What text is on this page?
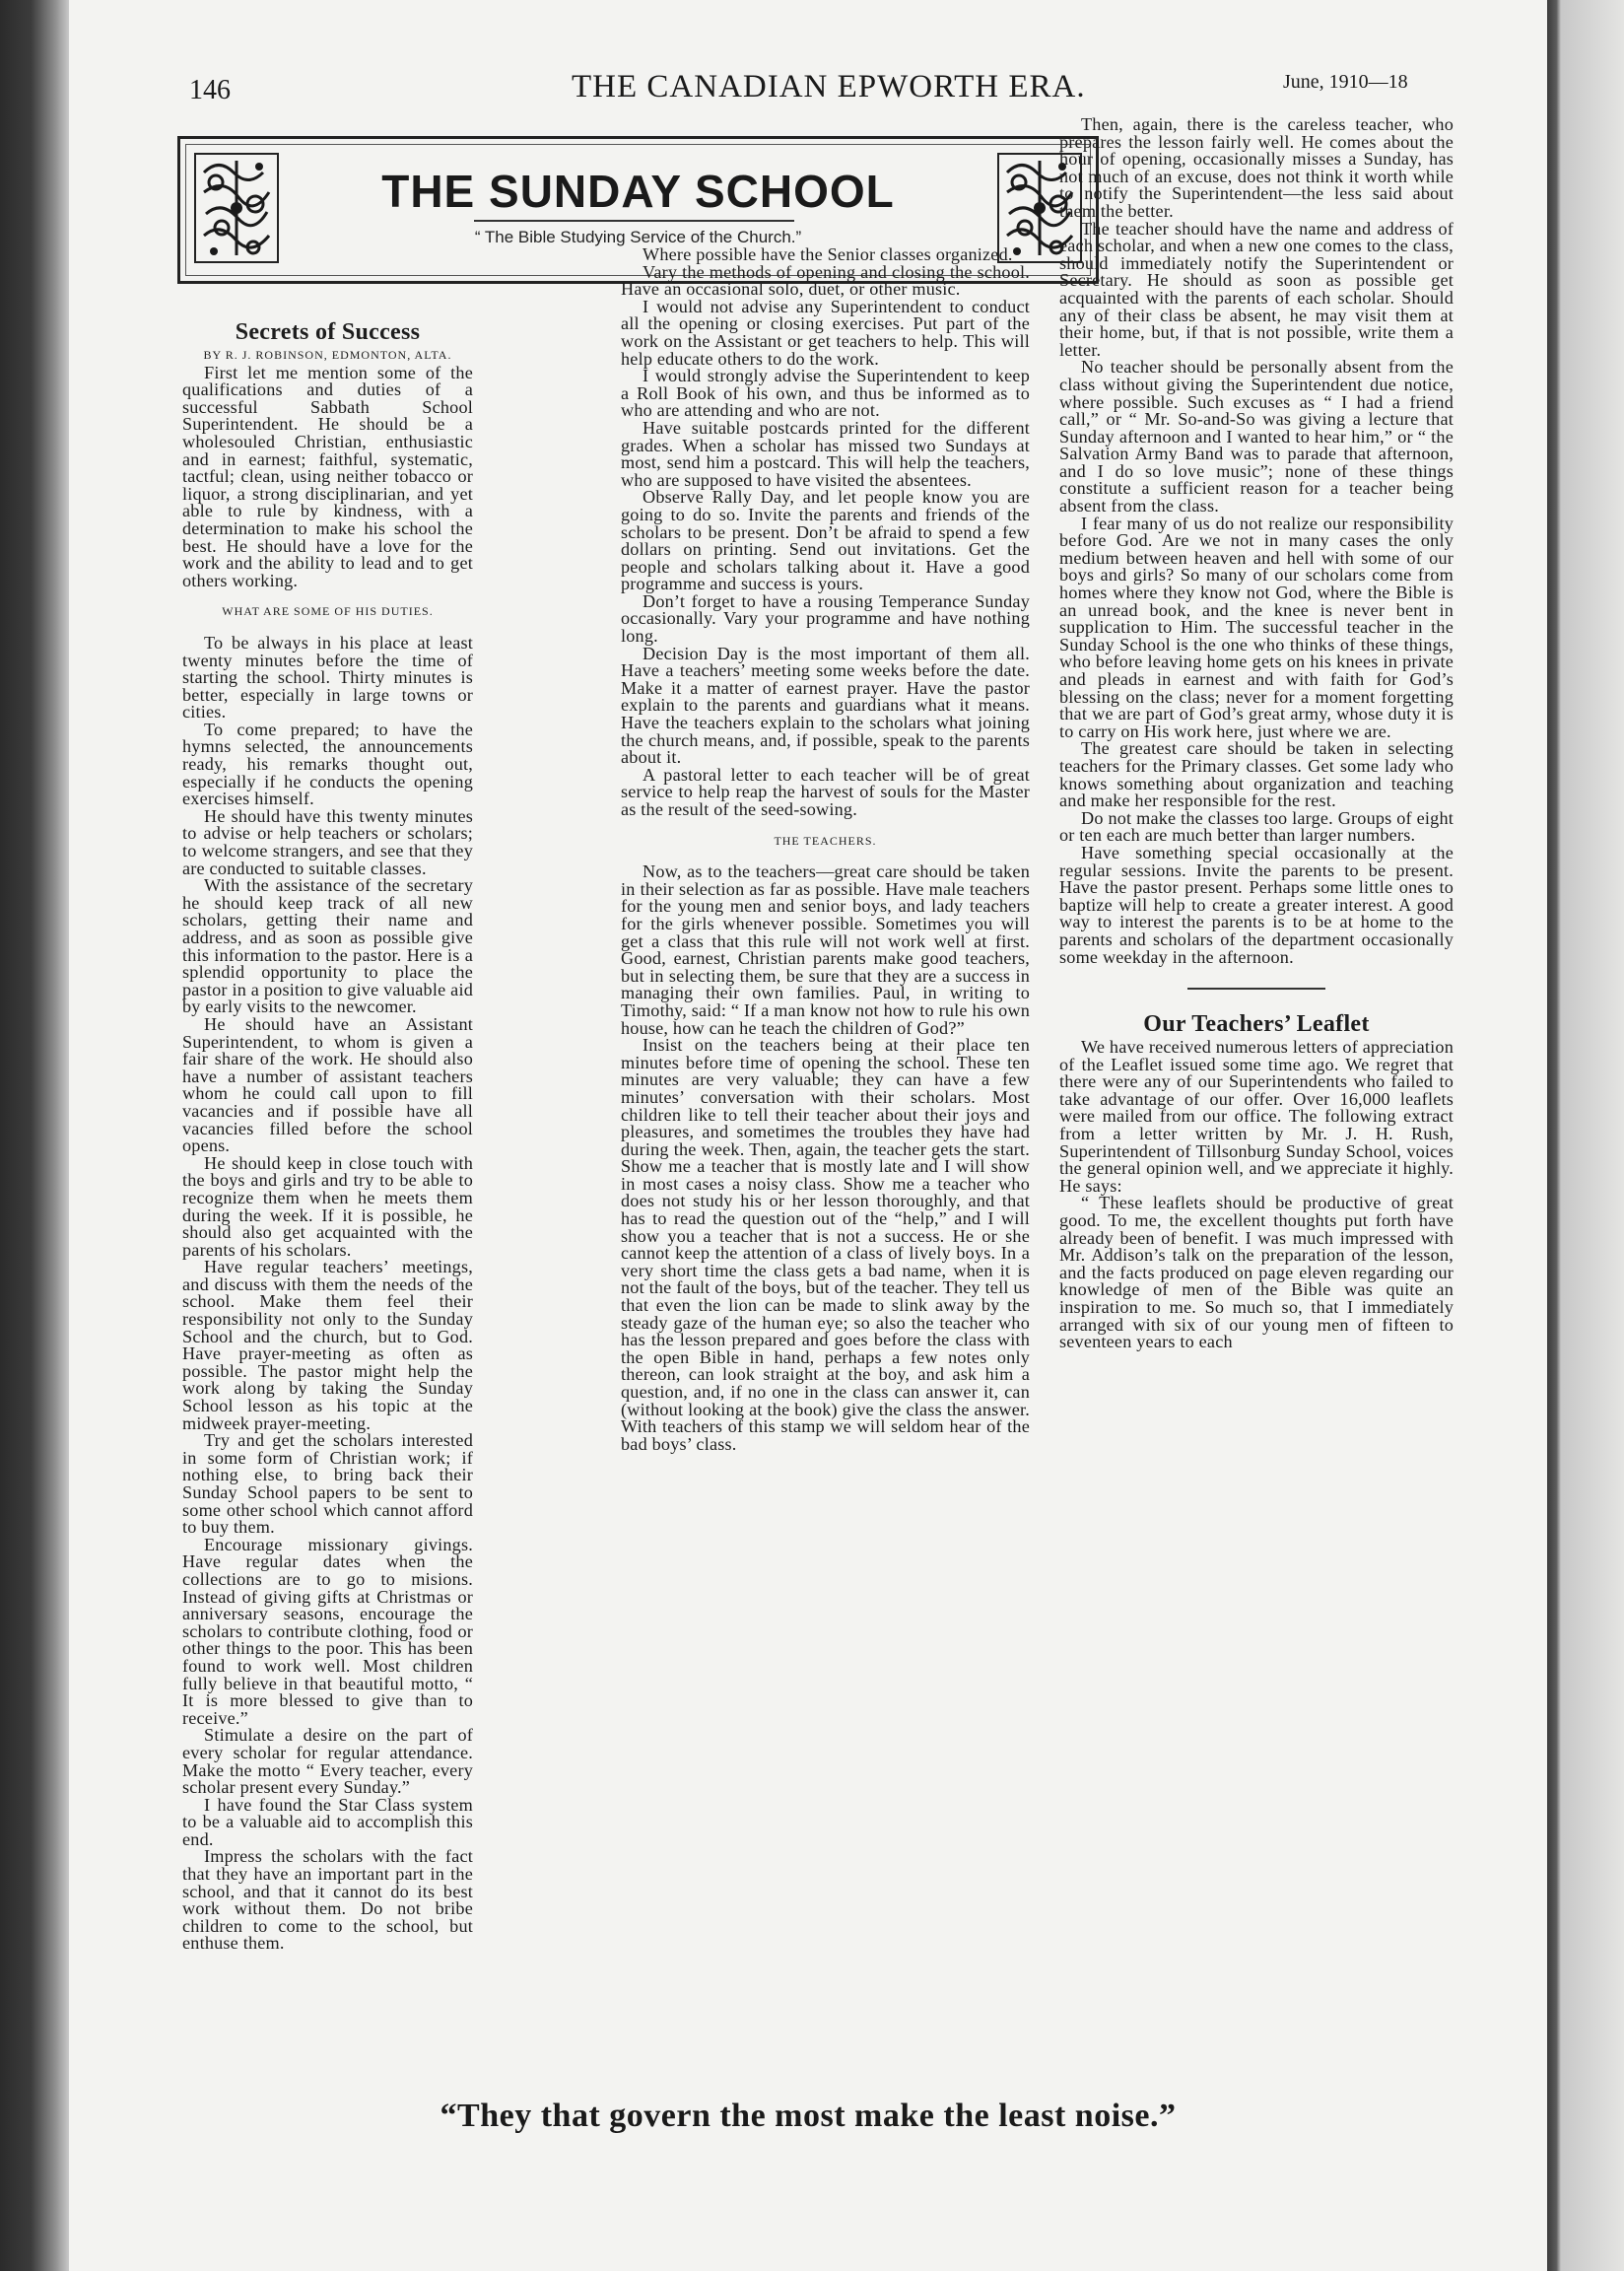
146	THE CANADIAN EPWORTH ERA.	June, 1910—18
THE SUNDAY SCHOOL
“ The Bible Studying Service of the Church.”

Secrets of Success

BY R. J. ROBINSON, EDMONTON, ALTA.

First let me mention some of the qualifications and duties of a successful Sabbath School Superintendent. He should be a wholesouled Christian, enthusiastic and in earnest; faithful, systematic, tactful; clean, using neither tobacco or liquor, a strong disciplinarian, and yet able to rule by kindness, with a determination to make his school the best. He should have a love for the work and the ability to lead and to get others working.

WHAT ARE SOME OF HIS DUTIES.

To be always in his place at least twenty minutes before the time of starting the school. Thirty minutes is better, especially in large towns or cities.

To come prepared; to have the hymns selected, the announcements ready, his remarks thought out, especially if he conducts the opening exercises himself.

He should have this twenty minutes to advise or help teachers or scholars; to welcome strangers, and see that they are conducted to suitable classes.

With the assistance of the secretary he should keep track of all new scholars, getting their name and address, and as soon as possible give this information to the pastor. Here is a splendid opportunity to place the pastor in a position to give valuable aid by early visits to the newcomer.

He should have an Assistant Superintendent, to whom is given a fair share of the work. He should also have a number of assistant teachers whom he could call upon to fill vacancies and if possible have all vacancies filled before the school opens.

He should keep in close touch with the boys and girls and try to be able to recognize them when he meets them during the week. If it is possible, he should also get acquainted with the parents of his scholars.

Have regular teachers’ meetings, and discuss with them the needs of the school. Make them feel their responsibility not only to the Sunday School and the church, but to God. Have prayer-meeting as often as possible. The pastor might help the work along by taking the Sunday School lesson as his topic at the midweek prayer-meeting.

Try and get the scholars interested in some form of Christian work; if nothing else, to bring back their Sunday School papers to be sent to some other school which cannot afford to buy them.

Encourage missionary givings. Have regular dates when the collections are to go to misions. Instead of giving gifts at Christmas or anniversary seasons, encourage the scholars to contribute clothing, food or other things to the poor. This has been found to work well. Most children fully believe in that beautiful motto, “ It is more blessed to give than to receive.”

Stimulate a desire on the part of every scholar for regular attendance. Make the motto “ Every teacher, every scholar present every Sunday.”

I have found the Star Class system to be a valuable aid to accomplish this end.

Impress the scholars with the fact that they have an important part in the school, and that it cannot do its best work without them. Do not bribe children to come to the school, but enthuse them.

Where possible have the Senior classes organized.

Vary the methods of opening and closing the school. Have an occasional solo, duet, or other music.

I would not advise any Superintendent to conduct all the opening or closing exercises. Put part of the work on the Assistant or get teachers to help. This will help educate others to do the work.

I would strongly advise the Superintendent to keep a Roll Book of his own, and thus be informed as to who are attending and who are not.

Have suitable postcards printed for the different grades. When a scholar has missed two Sundays at most, send him a postcard. This will help the teachers, who are supposed to have visited the absentees.

Observe Rally Day, and let people know you are going to do so. Invite the parents and friends of the scholars to be present. Don’t be afraid to spend a few dollars on printing. Send out invitations. Get the people and scholars talking about it. Have a good programme and success is yours.

Don’t forget to have a rousing Temperance Sunday occasionally. Vary your programme and have nothing long.

Decision Day is the most important of them all. Have a teachers’ meeting some weeks before the date. Make it a matter of earnest prayer. Have the pastor explain to the parents and guardians what it means. Have the teachers explain to the scholars what joining the church means, and, if possible, speak to the parents about it.

A pastoral letter to each teacher will be of great service to help reap the harvest of souls for the Master as the result of the seed-sowing.

THE TEACHERS.

Now, as to the teachers—great care should be taken in their selection as far as possible. Have male teachers for the young men and senior boys, and lady teachers for the girls whenever possible. Sometimes you will get a class that this rule will not work well at first. Good, earnest, Christian parents make good teachers, but in selecting them, be sure that they are a success in managing their own families. Paul, in writing to Timothy, said: “ If a man know not how to rule his own house, how can he teach the children of God?”

Insist on the teachers being at their place ten minutes before time of opening the school. These ten minutes are very valuable; they can have a few minutes’ conversation with their scholars. Most children like to tell their teacher about their joys and pleasures, and sometimes the troubles they have had during the week. Then, again, the teacher gets the start. Show me a teacher that is mostly late and I will show in most cases a noisy class. Show me a teacher who does not study his or her lesson thoroughly, and that has to read the question out of the “help,” and I will show you a teacher that is not a success. He or she cannot keep the attention of a class of lively boys. In a very short time the class gets a bad name, when it is not the fault of the boys, but of the teacher. They tell us that even the lion can be made to slink away by the steady gaze of the human eye; so also the teacher who has the lesson prepared and goes before the class with the open Bible in hand, perhaps a few notes only thereon, can look straight at the boy, and ask him a question, and, if no one in the class can answer it, can (without looking at the book) give the class the answer. With teachers of this stamp we will seldom hear of the bad boys’ class.

Then, again, there is the careless teacher, who prepares the lesson fairly well. He comes about the hour of opening, occasionally misses a Sunday, has not much of an excuse, does not think it worth while to notify the Superintendent—the less said about them the better.

The teacher should have the name and address of each scholar, and when a new one comes to the class, should immediately notify the Superintendent or Secretary. He should as soon as possible get acquainted with the parents of each scholar. Should any of their class be absent, he may visit them at their home, but, if that is not possible, write them a letter.

No teacher should be personally absent from the class without giving the Superintendent due notice, where possible. Such excuses as “ I had a friend call,” or “ Mr. So-and-So was giving a lecture that Sunday afternoon and I wanted to hear him,” or “ the Salvation Army Band was to parade that afternoon, and I do so love music”; none of these things constitute a sufficient reason for a teacher being absent from the class.

I fear many of us do not realize our responsibility before God. Are we not in many cases the only medium between heaven and hell with some of our boys and girls? So many of our scholars come from homes where they know not God, where the Bible is an unread book, and the knee is never bent in supplication to Him. The successful teacher in the Sunday School is the one who thinks of these things, who before leaving home gets on his knees in private and pleads in earnest and with faith for God’s blessing on the class; never for a moment forgetting that we are part of God’s great army, whose duty it is to carry on His work here, just where we are.

The greatest care should be taken in selecting teachers for the Primary classes. Get some lady who knows something about organization and teaching and make her responsible for the rest.

Do not make the classes too large. Groups of eight or ten each are much better than larger numbers.

Have something special occasionally at the regular sessions. Invite the parents to be present. Have the pastor present. Perhaps some little ones to baptize will help to create a greater interest. A good way to interest the parents is to be at home to the parents and scholars of the department occasionally some weekday in the afternoon.

Our Teachers’ Leaflet

We have received numerous letters of appreciation of the Leaflet issued some time ago. We regret that there were any of our Superintendents who failed to take advantage of our offer. Over 16,000 leaflets were mailed from our office. The following extract from a letter written by Mr. J. H. Rush, Superintendent of Tillsonburg Sunday School, voices the general opinion well, and we appreciate it highly. He says:

“ These leaflets should be productive of great good. To me, the excellent thoughts put forth have already been of benefit. I was much impressed with Mr. Addison’s talk on the preparation of the lesson, and the facts produced on page eleven regarding our knowledge of men of the Bible was quite an inspiration to me. So much so, that I immediately arranged with six of our young men of fifteen to seventeen years to each

“They that govern the most make the least noise.”
